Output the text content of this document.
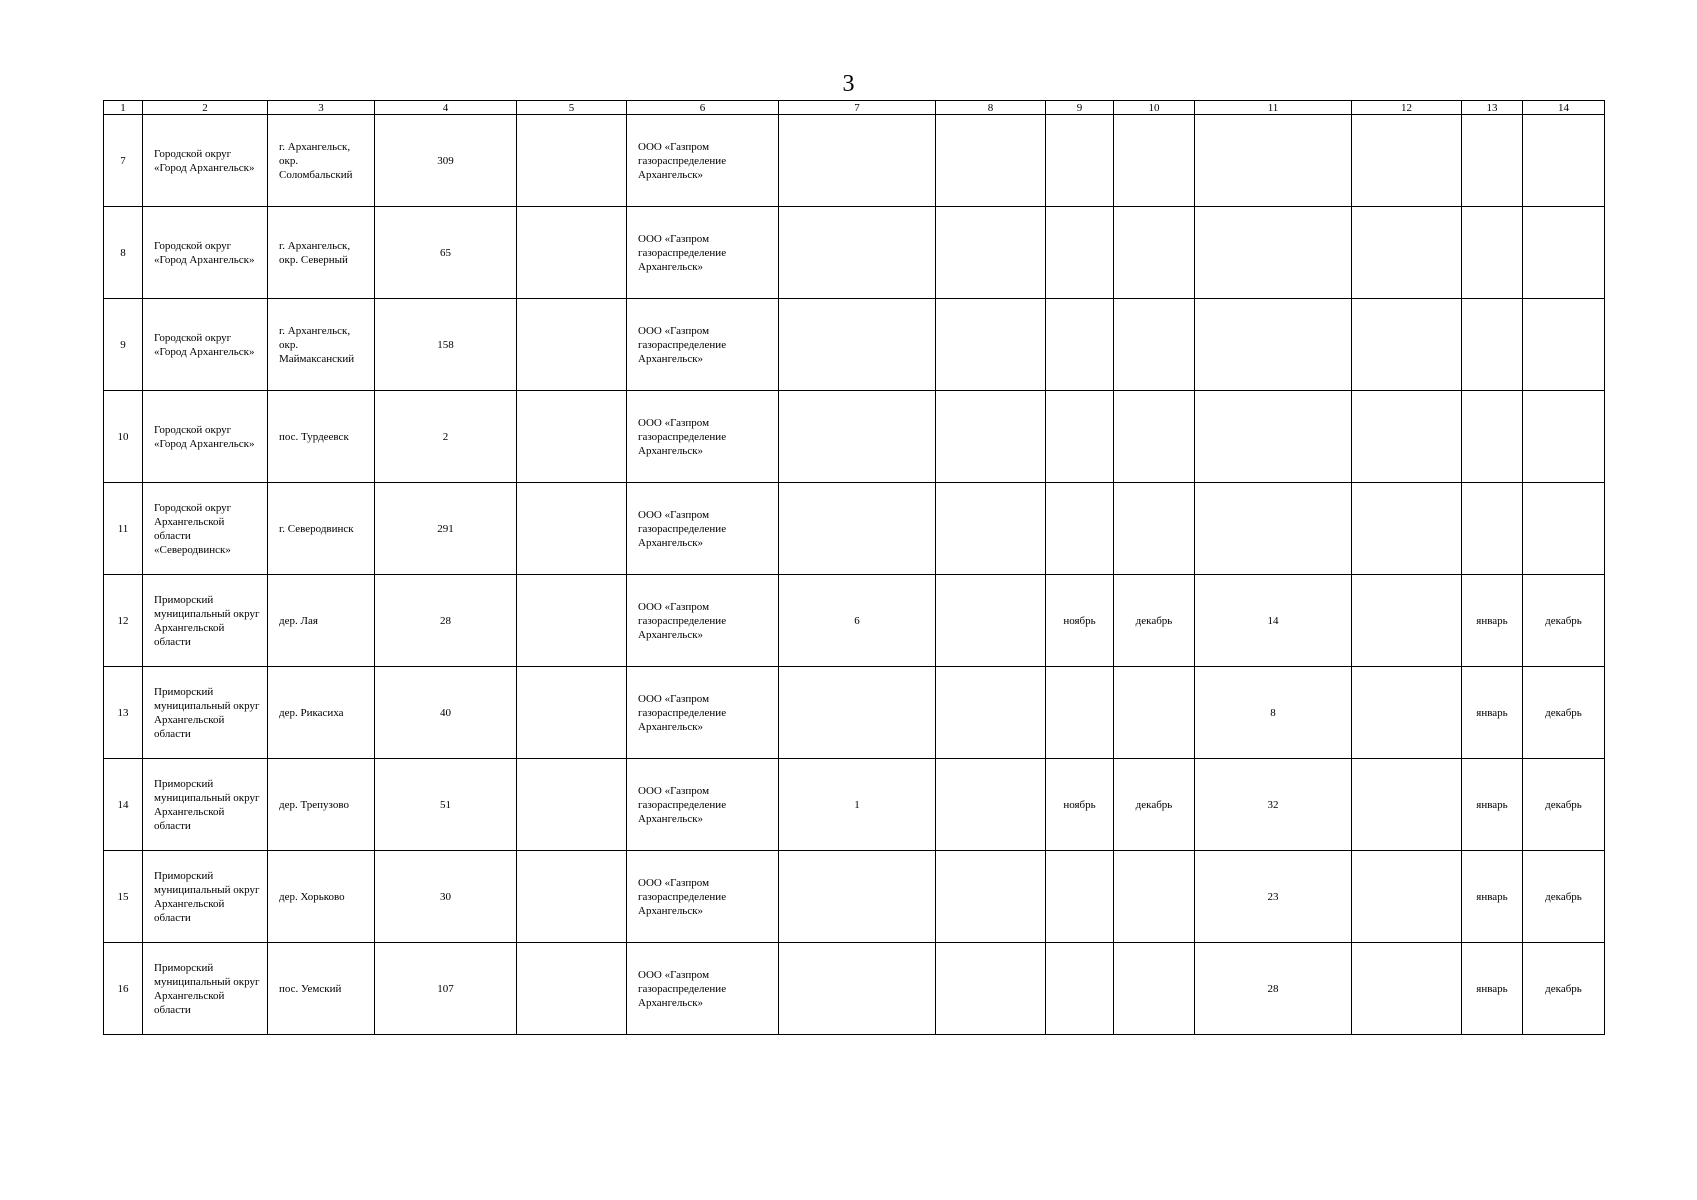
3
1	2	3	4	5	6	7	8	9	10	11	12	13	14
7	Городской округ «Город Архангельск»	г. Архангельск, окр. Соломбальский	309		ООО «Газпром газораспределение Архангельск»								
8	Городской округ «Город Архангельск»	г. Архангельск, окр. Северный	65		ООО «Газпром газораспределение Архангельск»								
9	Городской округ «Город Архангельск»	г. Архангельск, окр. Маймаксанский	158		ООО «Газпром газораспределение Архангельск»								
10	Городской округ «Город Архангельск»	пос. Турдеевск	2		ООО «Газпром газораспределение Архангельск»								
11	Городской округ Архангельской области «Северодвинск»	г. Северодвинск	291		ООО «Газпром газораспределение Архангельск»								
12	Приморский муниципальный округ Архангельской области	дер. Лая	28		ООО «Газпром газораспределение Архангельск»	6		ноябрь	декабрь	14		январь	декабрь
13	Приморский муниципальный округ Архангельской области	дер. Рикасиха	40		ООО «Газпром газораспределение Архангельск»					8		январь	декабрь
14	Приморский муниципальный округ Архангельской области	дер. Трепузово	51		ООО «Газпром газораспределение Архангельск»	1		ноябрь	декабрь	32		январь	декабрь
15	Приморский муниципальный округ Архангельской области	дер. Хорьково	30		ООО «Газпром газораспределение Архангельск»					23		январь	декабрь
16	Приморский муниципальный округ Архангельской области	пос. Уемский	107		ООО «Газпром газораспределение Архангельск»					28		январь	декабрь
